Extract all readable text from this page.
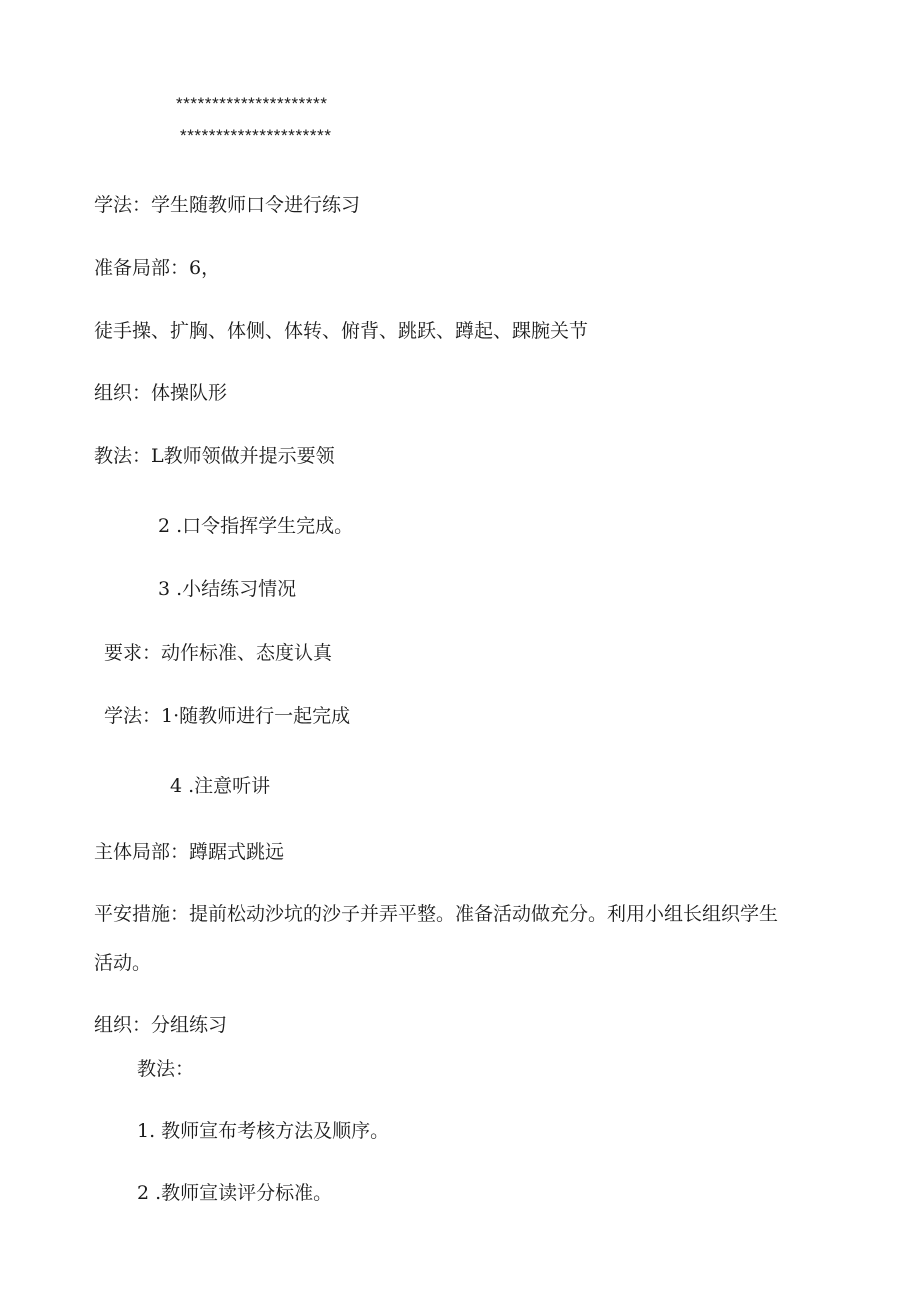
*********************
*********************
学法：学生随教师口令进行练习
准备局部：6，
徒手操、扩胸、体侧、体转、俯背、跳跃、蹲起、踝腕关节
组织：体操队形
教法：L教师领做并提示要领
2 .口令指挥学生完成。
3 .小结练习情况
要求：动作标准、态度认真
学法：1·随教师进行一起完成
4 .注意听讲
主体局部：蹲踞式跳远
平安措施：提前松动沙坑的沙子并弄平整。准备活动做充分。利用小组长组织学生
活动。
组织：分组练习
教法：
1. 教师宣布考核方法及顺序。
2 .教师宣读评分标准。
